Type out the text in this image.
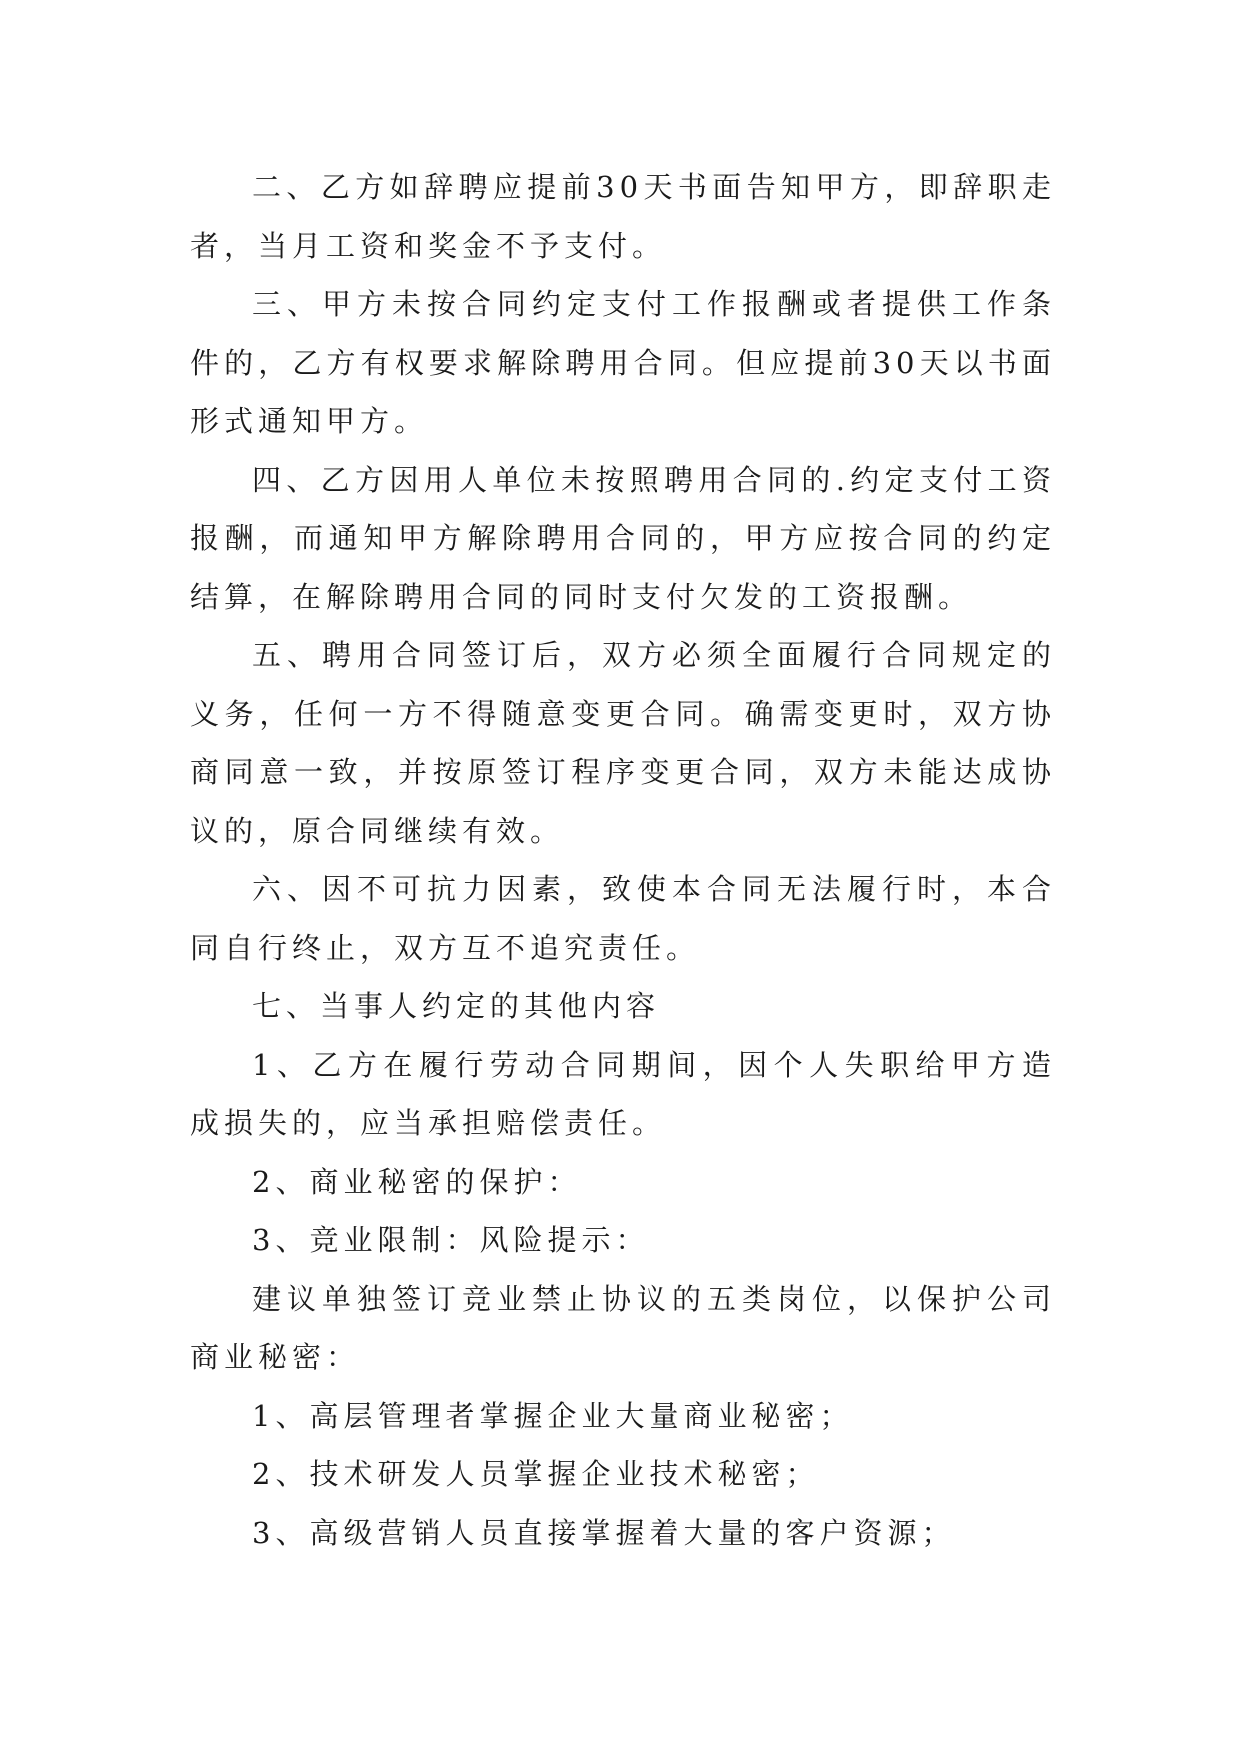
二、乙方如辞聘应提前30天书面告知甲方，即辞职走者，当月工资和奖金不予支付。

三、甲方未按合同约定支付工作报酬或者提供工作条件的，乙方有权要求解除聘用合同。但应提前30天以书面形式通知甲方。

四、乙方因用人单位未按照聘用合同的.约定支付工资报酬，而通知甲方解除聘用合同的，甲方应按合同的约定结算，在解除聘用合同的同时支付欠发的工资报酬。

五、聘用合同签订后，双方必须全面履行合同规定的义务，任何一方不得随意变更合同。确需变更时，双方协商同意一致，并按原签订程序变更合同，双方未能达成协议的，原合同继续有效。

六、因不可抗力因素，致使本合同无法履行时，本合同自行终止，双方互不追究责任。

七、当事人约定的其他内容

1、乙方在履行劳动合同期间，因个人失职给甲方造成损失的，应当承担赔偿责任。

2、商业秘密的保护：

3、竞业限制：风险提示：

建议单独签订竞业禁止协议的五类岗位，以保护公司商业秘密：

1、高层管理者掌握企业大量商业秘密；

2、技术研发人员掌握企业技术秘密；

3、高级营销人员直接掌握着大量的客户资源；
